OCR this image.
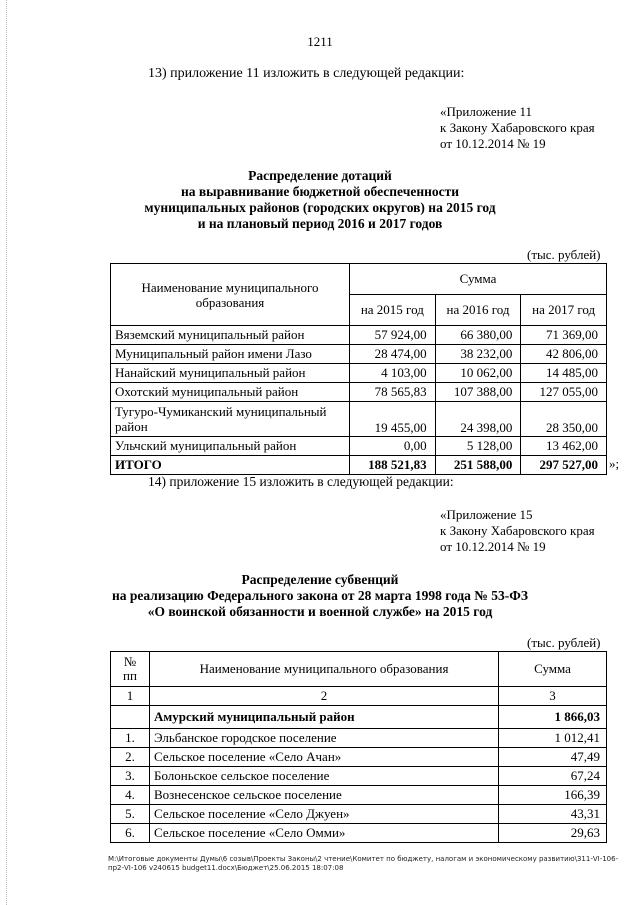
1211
13) приложение 11 изложить в следующей редакции:
«Приложение 11
к Закону Хабаровского края
от 10.12.2014 № 19
Распределение дотаций
на выравнивание бюджетной обеспеченности
муниципальных районов (городских округов) на 2015 год
и на плановый период 2016 и 2017 годов
(тыс. рублей)
Наименование муниципального образования	Сумма		
	на 2015 год	на 2016 год	на 2017 год
Вяземский муниципальный район	57 924,00	66 380,00	71 369,00
Муниципальный район имени Лазо	28 474,00	38 232,00	42 806,00
Нанайский муниципальный район	4 103,00	10 062,00	14 485,00
Охотский муниципальный район	78 565,83	107 388,00	127 055,00
Тугуро-Чумиканский муниципальный район	19 455,00	24 398,00	28 350,00
Ульчский муниципальный район	0,00	5 128,00	13 462,00
ИТОГО	188 521,83	251 588,00	297 527,00 »;
14) приложение 15 изложить в следующей редакции:
«Приложение 15
к Закону Хабаровского края
от 10.12.2014 № 19
Распределение субвенций
на реализацию Федерального закона от 28 марта 1998 года № 53-ФЗ
«О воинской обязанности и военной службе» на 2015 год
(тыс. рублей)
№
пп	Наименование муниципального образования	Сумма
1	2	3
	Амурский муниципальный район	1 866,03
1.	Эльбанское городское поселение	1 012,41
2.	Сельское поселение «Село Ачан»	47,49
3.	Болоньское сельское поселение	67,24
4.	Вознесенское сельское поселение	166,39
5.	Сельское поселение «Село Джуен»	43,31
6.	Сельское поселение «Село Омми»	29,63
M:\Итоговые документы Думы\6 созыв\Проекты Законы\2 чтение\Комитет по бюджету, налогам и экономическому развитию\311-VI-106-пр2-VI-106 v240615 budget11.docx\Бюджет\25.06.2015 18:07:08
